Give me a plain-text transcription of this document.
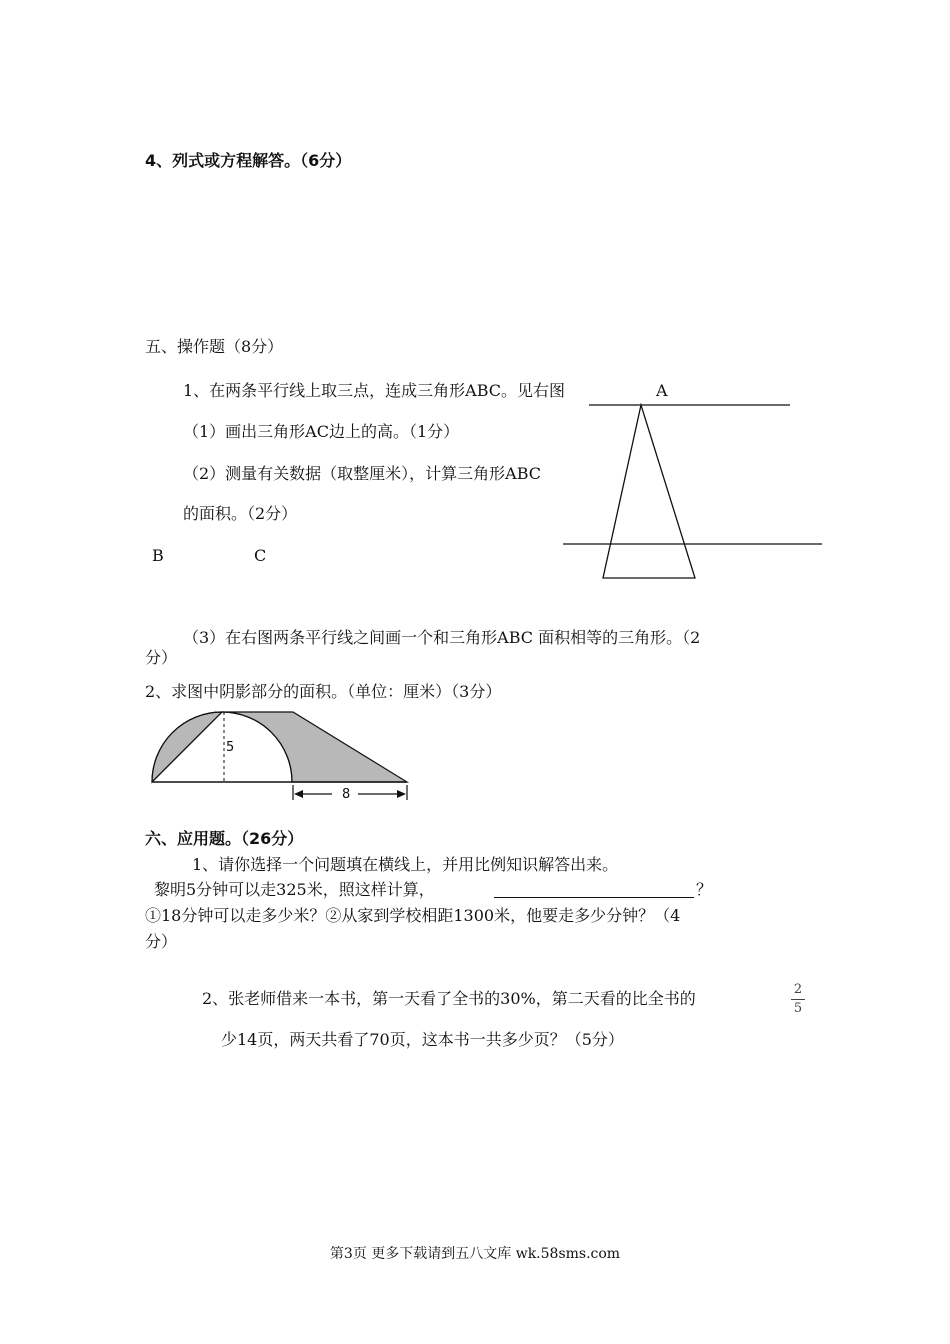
4、列式或方程解答。（6分）
五、操作题（8分）
1、在两条平行线上取三点，连成三角形ABC。见右图
（1）画出三角形AC边上的高。（1分）
（2）测量有关数据（取整厘米），计算三角形ABC
的面积。（2分）
A
B	C
（3）在右图两条平行线之间画一个和三角形ABC 面积相等的三角形。（2
分）
2、求图中阴影部分的面积。（单位：厘米）（3分）
5
8
六、应用题。（26分）
1、请你选择一个问题填在横线上，并用比例知识解答出来。
黎明5分钟可以走325米，照这样计算，	？
①18分钟可以走多少米？②从家到学校相距1300米，他要走多少分钟？（4
分）
2、张老师借来一本书，第一天看了全书的30%，第二天看的比全书的	2
5
少14页，两天共看了70页，这本书一共多少页？（5分）
第3页 更多下载请到五八文库 wk.58sms.com
